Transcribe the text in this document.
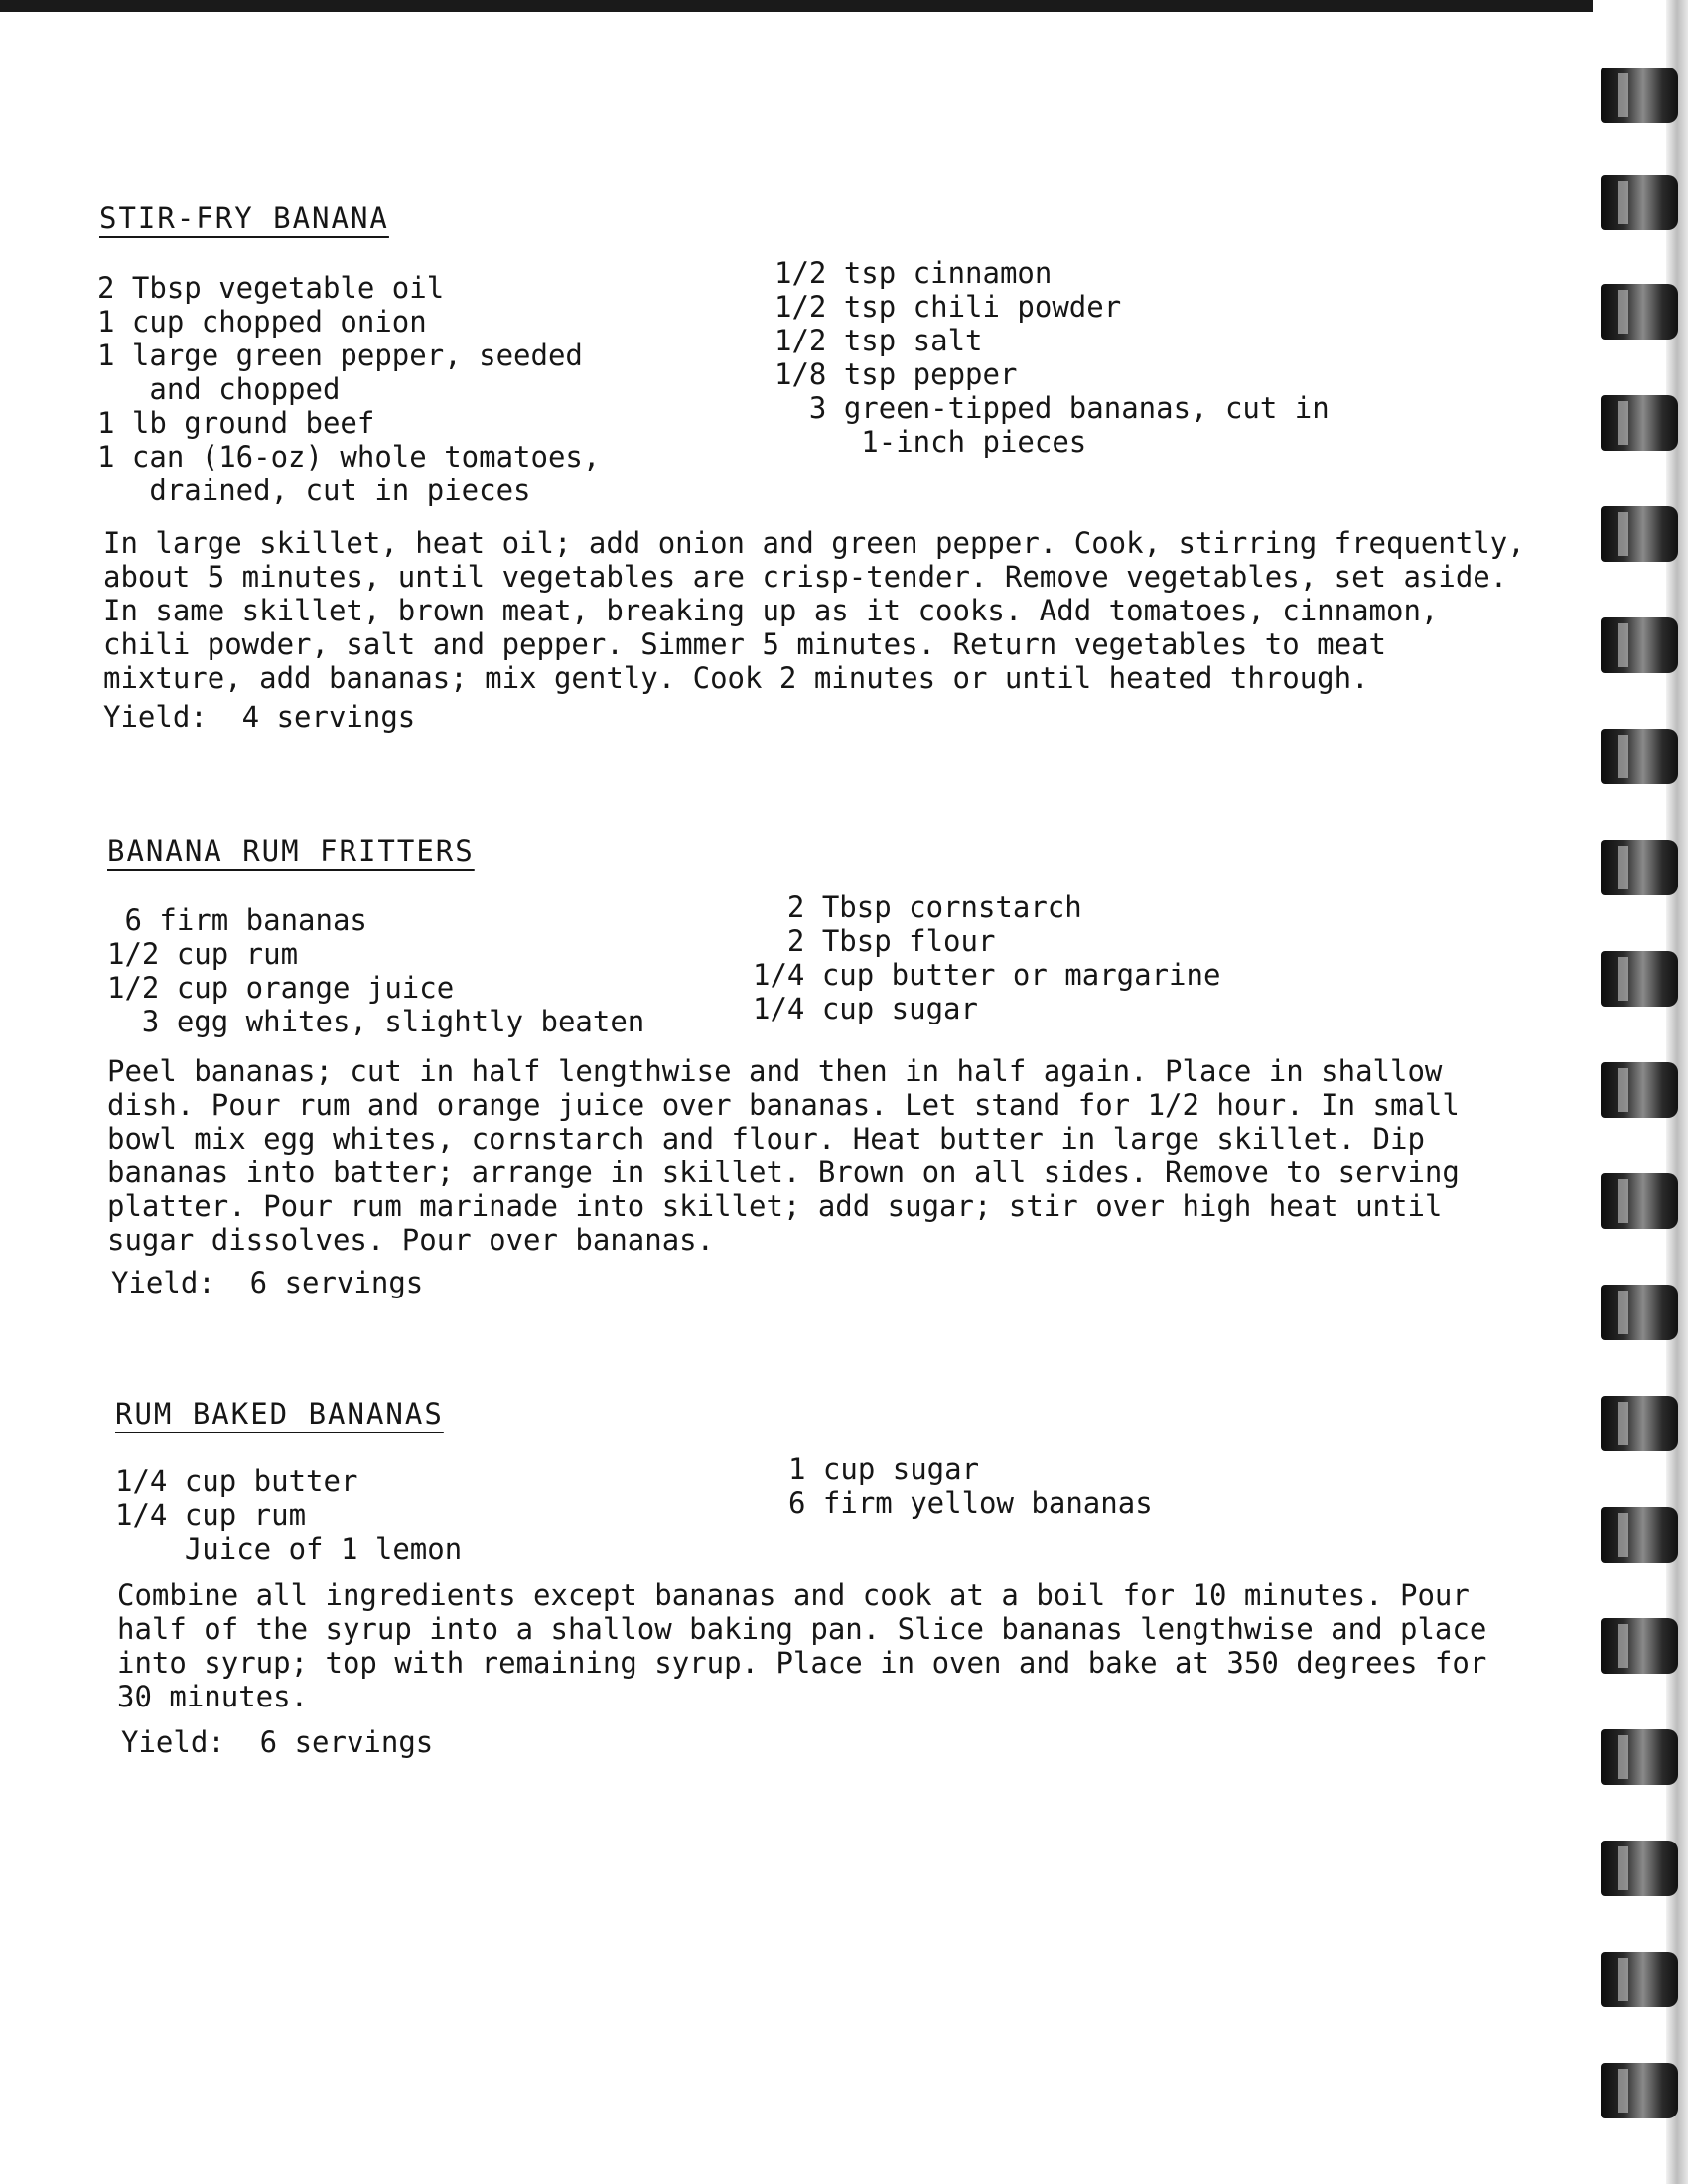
STIR-FRY BANANA
2 Tbsp vegetable oil
1 cup chopped onion
1 large green pepper, seeded
and chopped
1 lb ground beef
1 can (16-oz) whole tomatoes,
drained, cut in pieces
1/2 tsp cinnamon
1/2 tsp chili powder
1/2 tsp salt
1/8 tsp pepper
3 green-tipped bananas, cut in
1-inch pieces
In large skillet, heat oil; add onion and green pepper. Cook, stirring frequently,
about 5 minutes, until vegetables are crisp-tender. Remove vegetables, set aside.
In same skillet, brown meat, breaking up as it cooks. Add tomatoes, cinnamon,
chili powder, salt and pepper. Simmer 5 minutes. Return vegetables to meat
mixture, add bananas; mix gently. Cook 2 minutes or until heated through.
Yield:  4 servings
BANANA RUM FRITTERS
6 firm bananas
1/2 cup rum
1/2 cup orange juice
3 egg whites, slightly beaten
2 Tbsp cornstarch
2 Tbsp flour
1/4 cup butter or margarine
1/4 cup sugar
Peel bananas; cut in half lengthwise and then in half again. Place in shallow
dish. Pour rum and orange juice over bananas. Let stand for 1/2 hour. In small
bowl mix egg whites, cornstarch and flour. Heat butter in large skillet. Dip
bananas into batter; arrange in skillet. Brown on all sides. Remove to serving
platter. Pour rum marinade into skillet; add sugar; stir over high heat until
sugar dissolves. Pour over bananas.
Yield:  6 servings
RUM BAKED BANANAS
1/4 cup butter
1/4 cup rum
Juice of 1 lemon
1 cup sugar
6 firm yellow bananas
Combine all ingredients except bananas and cook at a boil for 10 minutes. Pour
half of the syrup into a shallow baking pan. Slice bananas lengthwise and place
into syrup; top with remaining syrup. Place in oven and bake at 350 degrees for
30 minutes.
Yield:  6 servings
